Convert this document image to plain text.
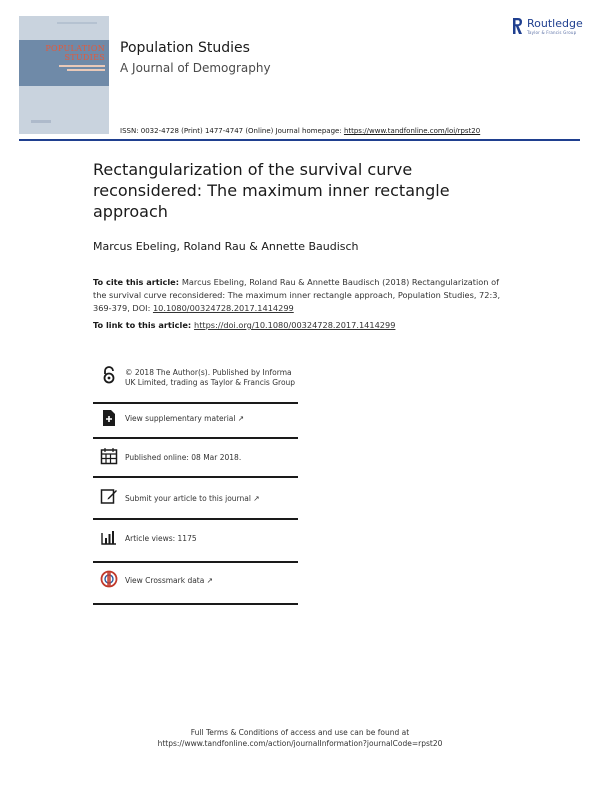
POPULATION
STUDIES
Population Studies
A Journal of Demography
Routledge
Taylor & Francis Group
ISSN: 0032-4728 (Print) 1477-4747 (Online) Journal homepage: https://www.tandfonline.com/loi/rpst20
Rectangularization of the survival curve reconsidered: The maximum inner rectangle approach
Marcus Ebeling, Roland Rau & Annette Baudisch
To cite this article: Marcus Ebeling, Roland Rau & Annette Baudisch (2018) Rectangularization of the survival curve reconsidered: The maximum inner rectangle approach, Population Studies, 72:3, 369-379, DOI: 10.1080/00324728.2017.1414299
To link to this article: https://doi.org/10.1080/00324728.2017.1414299
© 2018 The Author(s). Published by Informa UK Limited, trading as Taylor & Francis Group
View supplementary material ↗
Published online: 08 Mar 2018.
Submit your article to this journal ↗
Article views: 1175
View Crossmark data ↗
Full Terms & Conditions of access and use can be found at
https://www.tandfonline.com/action/journalInformation?journalCode=rpst20
